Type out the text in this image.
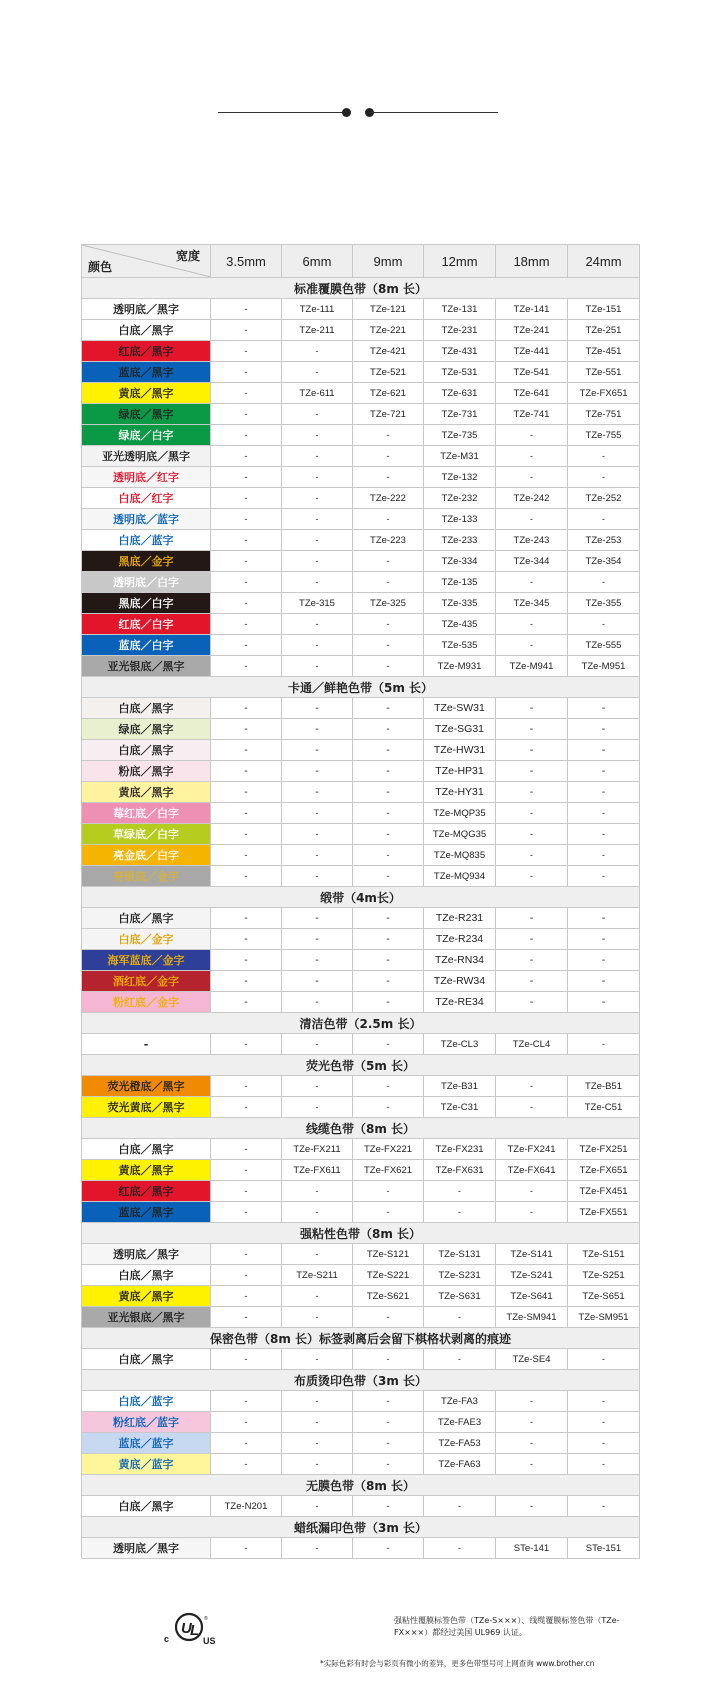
宽度
颜色	3.5mm	6mm	9mm	12mm	18mm	24mm
标准覆膜色带（8m 长）						
透明底／黑字	-	TZe-111	TZe-121	TZe-131	TZe-141	TZe-151
白底／黑字	-	TZe-211	TZe-221	TZe-231	TZe-241	TZe-251
红底／黑字	-	-	TZe-421	TZe-431	TZe-441	TZe-451
蓝底／黑字	-	-	TZe-521	TZe-531	TZe-541	TZe-551
黄底／黑字	-	TZe-611	TZe-621	TZe-631	TZe-641	TZe-FX651
绿底／黑字	-	-	TZe-721	TZe-731	TZe-741	TZe-751
绿底／白字	-	-	-	TZe-735	-	TZe-755
亚光透明底／黑字	-	-	-	TZe-M31	-	-
透明底／红字	-	-	-	TZe-132	-	-
白底／红字	-	-	TZe-222	TZe-232	TZe-242	TZe-252
透明底／蓝字	-	-	-	TZe-133	-	-
白底／蓝字	-	-	TZe-223	TZe-233	TZe-243	TZe-253
黑底／金字	-	-	-	TZe-334	TZe-344	TZe-354
透明底／白字	-	-	-	TZe-135	-	-
黑底／白字	-	TZe-315	TZe-325	TZe-335	TZe-345	TZe-355
红底／白字	-	-	-	TZe-435	-	-
蓝底／白字	-	-	-	TZe-535	-	TZe-555
亚光银底／黑字	-	-	-	TZe-M931	TZe-M941	TZe-M951
卡通／鲜艳色带（5m 长）						
白底／黑字	-	-	-	TZe-SW31	-	-
绿底／黑字	-	-	-	TZe-SG31	-	-
白底／黑字	-	-	-	TZe-HW31	-	-
粉底／黑字	-	-	-	TZe-HP31	-	-
黄底／黑字	-	-	-	TZe-HY31	-	-
莓红底／白字	-	-	-	TZe-MQP35	-	-
草绿底／白字	-	-	-	TZe-MQG35	-	-
亮金底／白字	-	-	-	TZe-MQ835	-	-
亮银底／金字	-	-	-	TZe-MQ934	-	-
缎带（4m长）						
白底／黑字	-	-	-	TZe-R231	-	-
白底／金字	-	-	-	TZe-R234	-	-
海军蓝底／金字	-	-	-	TZe-RN34	-	-
酒红底／金字	-	-	-	TZe-RW34	-	-
粉红底／金字	-	-	-	TZe-RE34	-	-
清洁色带（2.5m 长）						
-	-	-	-	TZe-CL3	TZe-CL4	-
荧光色带（5m 长）						
荧光橙底／黑字	-	-	-	TZe-B31	-	TZe-B51
荧光黄底／黑字	-	-	-	TZe-C31	-	TZe-C51
线缆色带（8m 长）						
白底／黑字	-	TZe-FX211	TZe-FX221	TZe-FX231	TZe-FX241	TZe-FX251
黄底／黑字	-	TZe-FX611	TZe-FX621	TZe-FX631	TZe-FX641	TZe-FX651
红底／黑字	-	-	-	-	-	TZe-FX451
蓝底／黑字	-	-	-	-	-	TZe-FX551
强粘性色带（8m 长）						
透明底／黑字	-	-	TZe-S121	TZe-S131	TZe-S141	TZe-S151
白底／黑字	-	TZe-S211	TZe-S221	TZe-S231	TZe-S241	TZe-S251
黄底／黑字	-	-	TZe-S621	TZe-S631	TZe-S641	TZe-S651
亚光银底／黑字	-	-	-	-	TZe-SM941	TZe-SM951
保密色带（8m 长）标签剥离后会留下棋格状剥离的痕迹						
白底／黑字	-	-	-	-	TZe-SE4	-
布质烫印色带（3m 长）						
白底／蓝字	-	-	-	TZe-FA3	-	-
粉红底／蓝字	-	-	-	TZe-FAE3	-	-
蓝底／蓝字	-	-	-	TZe-FA53	-	-
黄底／蓝字	-	-	-	TZe-FA63	-	-
无膜色带（8m 长）						
白底／黑字	TZe-N201	-	-	-	-	-
蜡纸漏印色带（3m 长）						
透明底／黑字	-	-	-	-	STe-141	STe-151
U
L
c	US
®	强粘性覆膜标签色带（TZe-S×××）、线缆覆膜标签色带（TZe-FX×××）都经过美国 UL969 认证。
*实际色彩有时会与彩页有微小的差异，更多色带型号可上网查询 www.brother.cn
